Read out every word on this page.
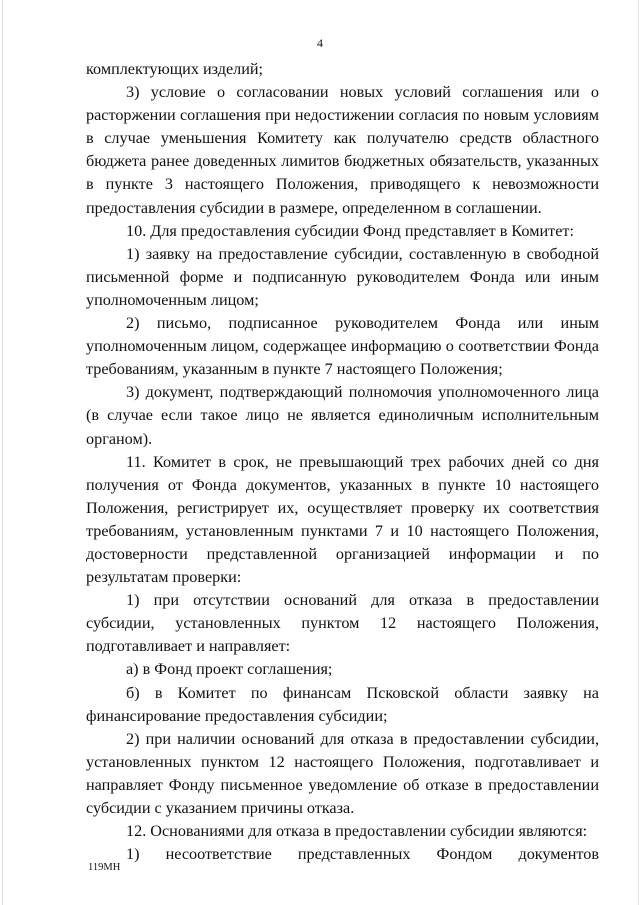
4
комплектующих изделий;
3) условие о согласовании новых условий соглашения или о
расторжении соглашения при недостижении согласия по новым условиям
в случае уменьшения Комитету как получателю средств областного
бюджета ранее доведенных лимитов бюджетных обязательств, указанных
в пункте 3 настоящего Положения, приводящего к невозможности
предоставления субсидии в размере, определенном в соглашении.
10. Для предоставления субсидии Фонд представляет в Комитет:
1) заявку на предоставление субсидии, составленную в свободной
письменной форме и подписанную руководителем Фонда или иным
уполномоченным лицом;
2) письмо, подписанное руководителем Фонда или иным
уполномоченным лицом, содержащее информацию о соответствии Фонда
требованиям, указанным в пункте 7 настоящего Положения;
3) документ, подтверждающий полномочия уполномоченного лица
(в случае если такое лицо не является единоличным исполнительным
органом).
11. Комитет в срок, не превышающий трех рабочих дней со дня
получения от Фонда документов, указанных в пункте 10 настоящего
Положения, регистрирует их, осуществляет проверку их соответствия
требованиям, установленным пунктами 7 и 10 настоящего Положения,
достоверности представленной организацией информации и по
результатам проверки:
1) при отсутствии оснований для отказа в предоставлении
субсидии, установленных пунктом 12 настоящего Положения,
подготавливает и направляет:
а) в Фонд проект соглашения;
б) в Комитет по финансам Псковской области заявку на
финансирование предоставления субсидии;
2) при наличии оснований для отказа в предоставлении субсидии,
установленных пунктом 12 настоящего Положения, подготавливает и
направляет Фонду письменное уведомление об отказе в предоставлении
субсидии с указанием причины отказа.
12. Основаниями для отказа в предоставлении субсидии являются:
1) несоответствие представленных Фондом документов
119МН
